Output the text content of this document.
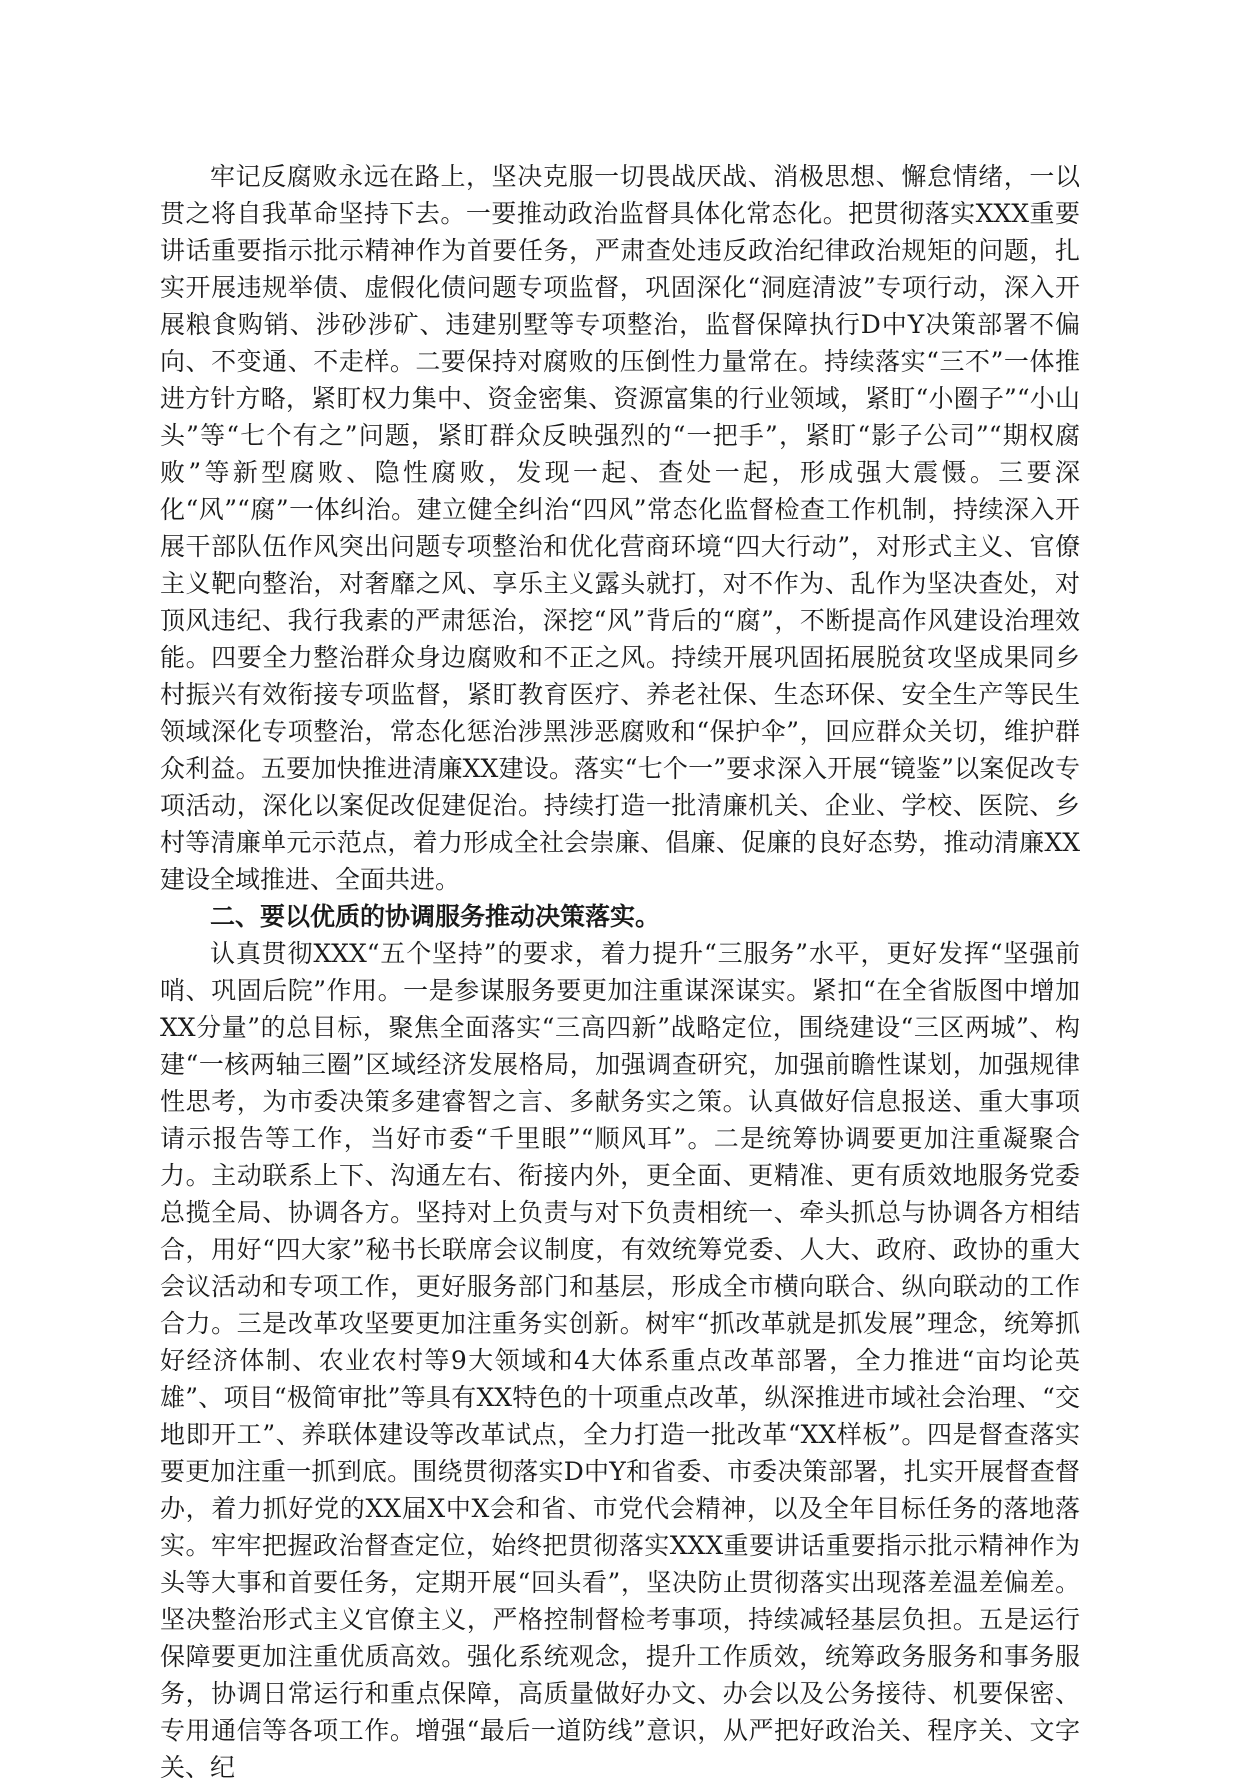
牢记反腐败永远在路上，坚决克服一切畏战厌战、消极思想、懈怠情绪，一以贯之将自我革命坚持下去。一要推动政治监督具体化常态化。把贯彻落实XXX重要讲话重要指示批示精神作为首要任务，严肃查处违反政治纪律政治规矩的问题，扎实开展违规举债、虚假化债问题专项监督，巩固深化“洞庭清波”专项行动，深入开展粮食购销、涉砂涉矿、违建别墅等专项整治，监督保障执行D中Y决策部署不偏向、不变通、不走样。二要保持对腐败的压倒性力量常在。持续落实“三不”一体推进方针方略，紧盯权力集中、资金密集、资源富集的行业领域，紧盯“小圈子”“小山头”等“七个有之”问题，紧盯群众反映强烈的“一把手”，紧盯“影子公司”“期权腐败”等新型腐败、隐性腐败，发现一起、查处一起，形成强大震慑。三要深化“风”“腐”一体纠治。建立健全纠治“四风”常态化监督检查工作机制，持续深入开展干部队伍作风突出问题专项整治和优化营商环境“四大行动”，对形式主义、官僚主义靶向整治，对奢靡之风、享乐主义露头就打，对不作为、乱作为坚决查处，对顶风违纪、我行我素的严肃惩治，深挖“风”背后的“腐”，不断提高作风建设治理效能。四要全力整治群众身边腐败和不正之风。持续开展巩固拓展脱贫攻坚成果同乡村振兴有效衔接专项监督，紧盯教育医疗、养老社保、生态环保、安全生产等民生领域深化专项整治，常态化惩治涉黑涉恶腐败和“保护伞”，回应群众关切，维护群众利益。五要加快推进清廉XX建设。落实“七个一”要求深入开展“镜鉴”以案促改专项活动，深化以案促改促建促治。持续打造一批清廉机关、企业、学校、医院、乡村等清廉单元示范点，着力形成全社会崇廉、倡廉、促廉的良好态势，推动清廉XX建设全域推进、全面共进。

二、要以优质的协调服务推动决策落实。

认真贯彻XXX“五个坚持”的要求，着力提升“三服务”水平，更好发挥“坚强前哨、巩固后院”作用。一是参谋服务要更加注重谋深谋实。紧扣“在全省版图中增加XX分量”的总目标，聚焦全面落实“三高四新”战略定位，围绕建设“三区两城”、构建“一核两轴三圈”区域经济发展格局，加强调查研究，加强前瞻性谋划，加强规律性思考，为市委决策多建睿智之言、多献务实之策。认真做好信息报送、重大事项请示报告等工作，当好市委“千里眼”“顺风耳”。二是统筹协调要更加注重凝聚合力。主动联系上下、沟通左右、衔接内外，更全面、更精准、更有质效地服务党委总揽全局、协调各方。坚持对上负责与对下负责相统一、牵头抓总与协调各方相结合，用好“四大家”秘书长联席会议制度，有效统筹党委、人大、政府、政协的重大会议活动和专项工作，更好服务部门和基层，形成全市横向联合、纵向联动的工作合力。三是改革攻坚要更加注重务实创新。树牢“抓改革就是抓发展”理念，统筹抓好经济体制、农业农村等9大领域和4大体系重点改革部署，全力推进“亩均论英雄”、项目“极简审批”等具有XX特色的十项重点改革，纵深推进市域社会治理、“交地即开工”、养联体建设等改革试点，全力打造一批改革“XX样板”。四是督查落实要更加注重一抓到底。围绕贯彻落实D中Y和省委、市委决策部署，扎实开展督查督办，着力抓好党的XX届X中X会和省、市党代会精神，以及全年目标任务的落地落实。牢牢把握政治督查定位，始终把贯彻落实XXX重要讲话重要指示批示精神作为头等大事和首要任务，定期开展“回头看”，坚决防止贯彻落实出现落差温差偏差。坚决整治形式主义官僚主义，严格控制督检考事项，持续减轻基层负担。五是运行保障要更加注重优质高效。强化系统观念，提升工作质效，统筹政务服务和事务服务，协调日常运行和重点保障，高质量做好办文、办会以及公务接待、机要保密、专用通信等各项工作。增强“最后一道防线”意识，从严把好政治关、程序关、文字关、纪
